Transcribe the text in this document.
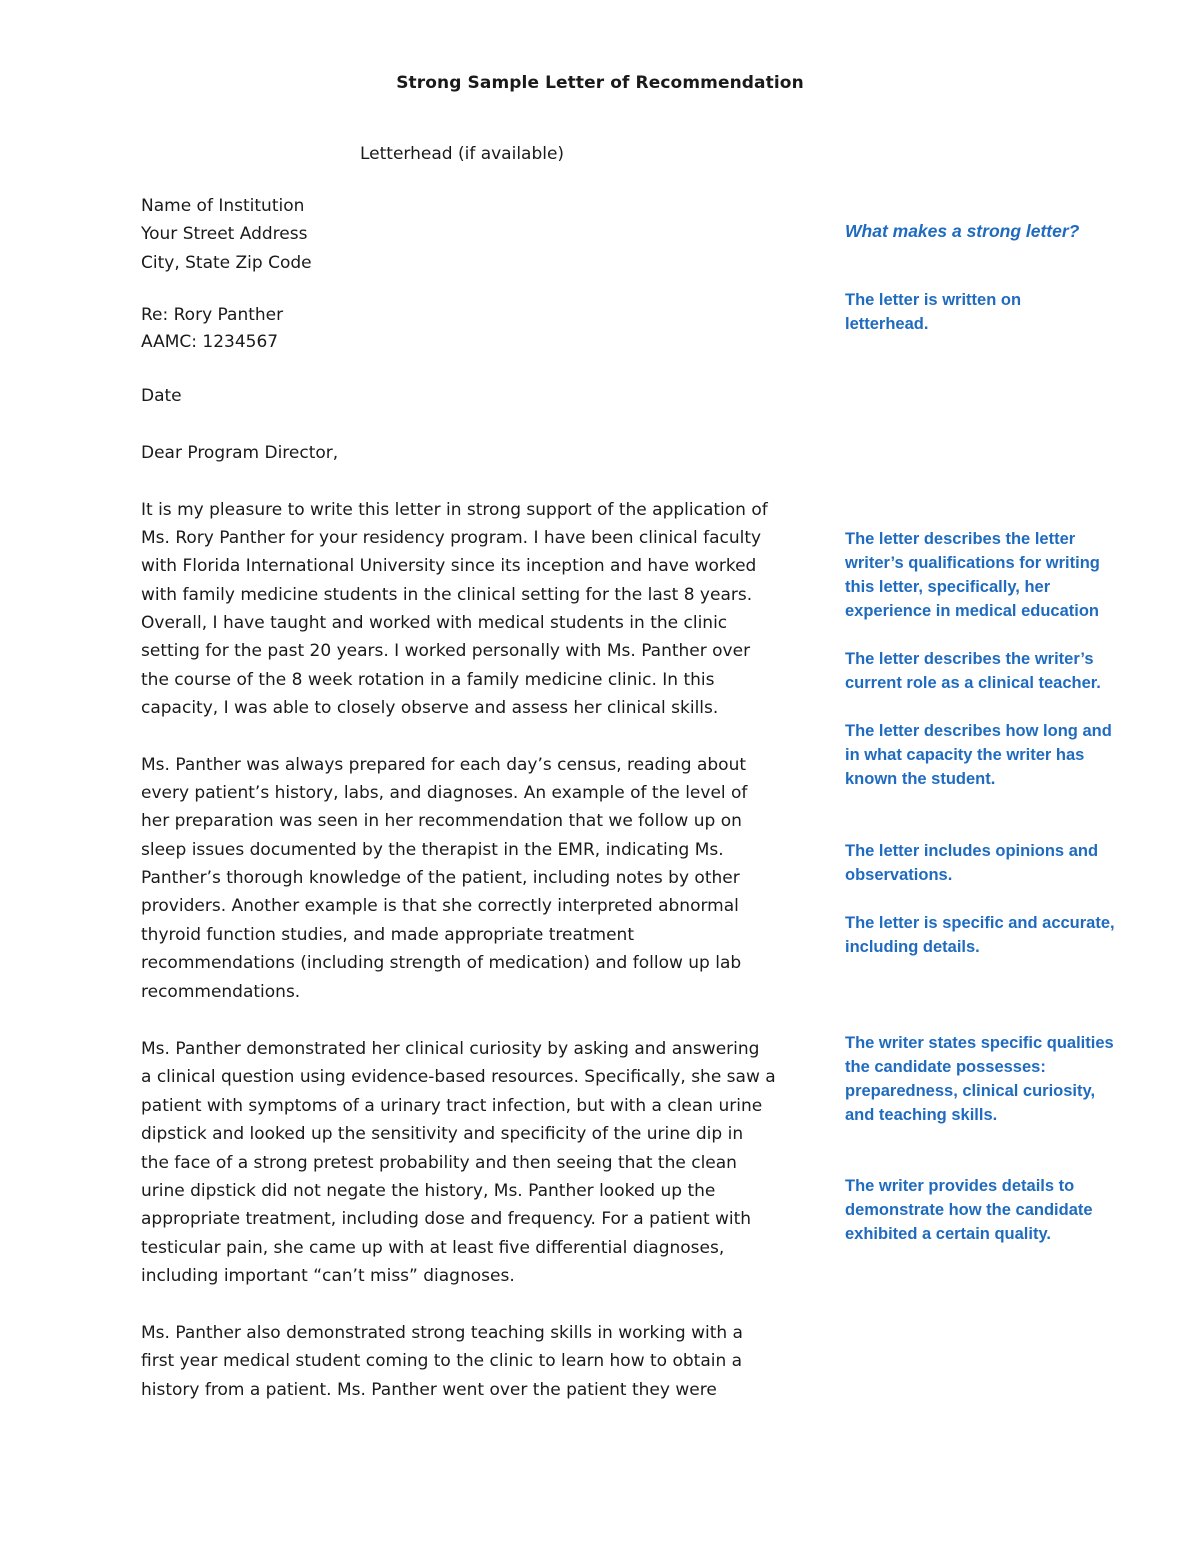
Strong Sample Letter of Recommendation
Letterhead (if available)
Name of Institution
Your Street Address
City, State Zip Code
Re: Rory Panther
AAMC: 1234567
Date
Dear Program Director,
It is my pleasure to write this letter in strong support of the application of
Ms. Rory Panther for your residency program. I have been clinical faculty
with Florida International University since its inception and have worked
with family medicine students in the clinical setting for the last 8 years.
Overall, I have taught and worked with medical students in the clinic
setting for the past 20 years. I worked personally with Ms. Panther over
the course of the 8 week rotation in a family medicine clinic. In this
capacity, I was able to closely observe and assess her clinical skills.
Ms. Panther was always prepared for each day’s census, reading about
every patient’s history, labs, and diagnoses. An example of the level of
her preparation was seen in her recommendation that we follow up on
sleep issues documented by the therapist in the EMR, indicating Ms.
Panther’s thorough knowledge of the patient, including notes by other
providers. Another example is that she correctly interpreted abnormal
thyroid function studies, and made appropriate treatment
recommendations (including strength of medication) and follow up lab
recommendations.
Ms. Panther demonstrated her clinical curiosity by asking and answering
a clinical question using evidence-based resources. Specifically, she saw a
patient with symptoms of a urinary tract infection, but with a clean urine
dipstick and looked up the sensitivity and specificity of the urine dip in
the face of a strong pretest probability and then seeing that the clean
urine dipstick did not negate the history, Ms. Panther looked up the
appropriate treatment, including dose and frequency. For a patient with
testicular pain, she came up with at least five differential diagnoses,
including important “can’t miss” diagnoses.
Ms. Panther also demonstrated strong teaching skills in working with a
first year medical student coming to the clinic to learn how to obtain a
history from a patient. Ms. Panther went over the patient they were
What makes a strong letter?
The letter is written on
letterhead.
The letter describes the letter
writer’s qualifications for writing
this letter, specifically, her
experience in medical education
The letter describes the writer’s
current role as a clinical teacher.
The letter describes how long and
in what capacity the writer has
known the student.
The letter includes opinions and
observations.
The letter is specific and accurate,
including details.
The writer states specific qualities
the candidate possesses:
preparedness, clinical curiosity,
and teaching skills.
The writer provides details to
demonstrate how the candidate
exhibited a certain quality.
